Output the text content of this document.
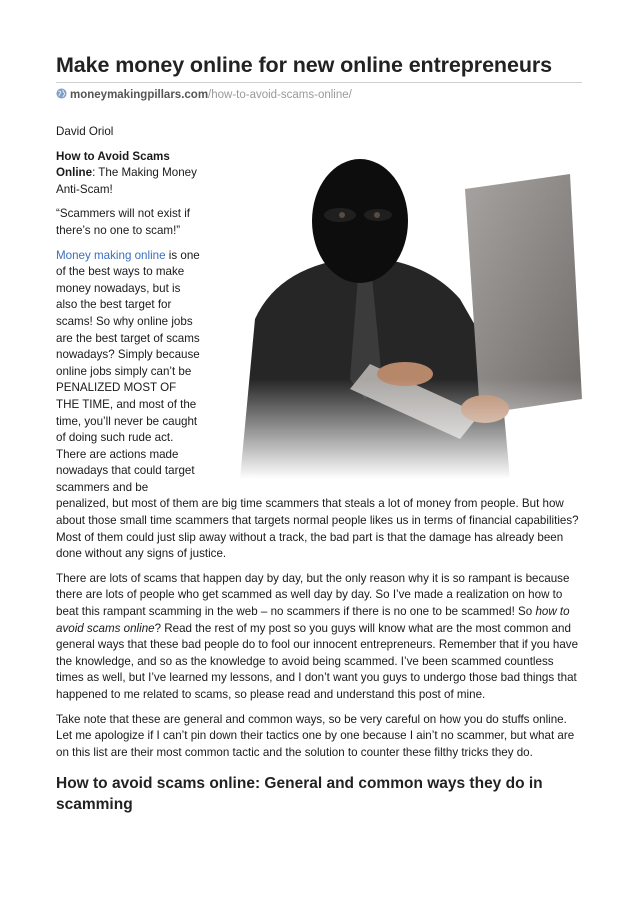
Make money online for new online entrepreneurs
moneymakingpillars.com/how-to-avoid-scams-online/

David Oriol

How to Avoid Scams Online: The Making Money Anti-Scam!

“Scammers will not exist if there’s no one to scam!”

Money making online is one of the best ways to make money nowadays, but is also the best target for scams! So why online jobs are the best target of scams nowadays? Simply because online jobs simply can’t be PENALIZED MOST OF THE TIME, and most of the time, you’ll never be caught of doing such rude act. There are actions made nowadays that could target scammers and be penalized, but most of them are big time scammers that steals a lot of money from people. But how about those small time scammers that targets normal people likes us in terms of financial capabilities? Most of them could just slip away without a track, the bad part is that the damage has already been done without any signs of justice.

There are lots of scams that happen day by day, but the only reason why it is so rampant is because there are lots of people who get scammed as well day by day. So I’ve made a realization on how to beat this rampant scamming in the web – no scammers if there is no one to be scammed! So how to avoid scams online? Read the rest of my post so you guys will know what are the most common and general ways that these bad people do to fool our innocent entrepreneurs. Remember that if you have the knowledge, and so as the knowledge to avoid being scammed. I’ve been scammed countless times as well, but I’ve learned my lessons, and I don’t want you guys to undergo those bad things that happened to me related to scams, so please read and understand this post of mine.

Take note that these are general and common ways, so be very careful on how you do stuffs online. Let me apologize if I can’t pin down their tactics one by one because I ain’t no scammer, but what are on this list are their most common tactic and the solution to counter these filthy tricks they do.

How to avoid scams online: General and common ways they do in scamming
